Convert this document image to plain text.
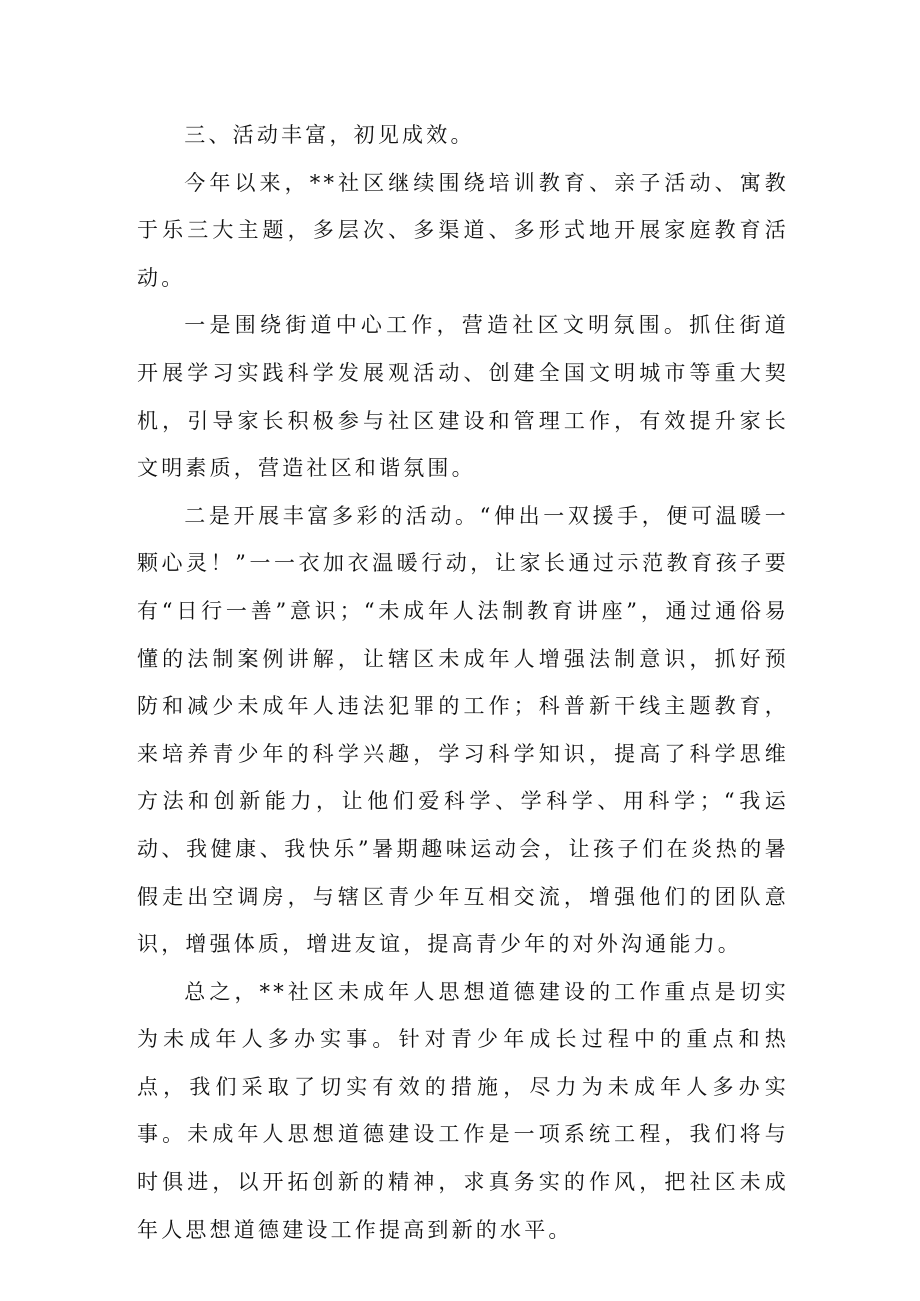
三、活动丰富，初见成效。

今年以来，**社区继续围绕培训教育、亲子活动、寓教于乐三大主题，多层次、多渠道、多形式地开展家庭教育活动。

一是围绕街道中心工作，营造社区文明氛围。抓住街道开展学习实践科学发展观活动、创建全国文明城市等重大契机，引导家长积极参与社区建设和管理工作，有效提升家长文明素质，营造社区和谐氛围。

二是开展丰富多彩的活动。“伸出一双援手，便可温暖一颗心灵！”一一衣加衣温暖行动，让家长通过示范教育孩子要有“日行一善”意识；“未成年人法制教育讲座”，通过通俗易懂的法制案例讲解，让辖区未成年人增强法制意识，抓好预防和减少未成年人违法犯罪的工作；科普新干线主题教育，来培养青少年的科学兴趣，学习科学知识，提高了科学思维方法和创新能力，让他们爱科学、学科学、用科学；“我运动、我健康、我快乐”暑期趣味运动会，让孩子们在炎热的暑假走出空调房，与辖区青少年互相交流，增强他们的团队意识，增强体质，增进友谊，提高青少年的对外沟通能力。

总之，**社区未成年人思想道德建设的工作重点是切实为未成年人多办实事。针对青少年成长过程中的重点和热点，我们采取了切实有效的措施，尽力为未成年人多办实事。未成年人思想道德建设工作是一项系统工程，我们将与时俱进，以开拓创新的精神，求真务实的作风，把社区未成年人思想道德建设工作提高到新的水平。
